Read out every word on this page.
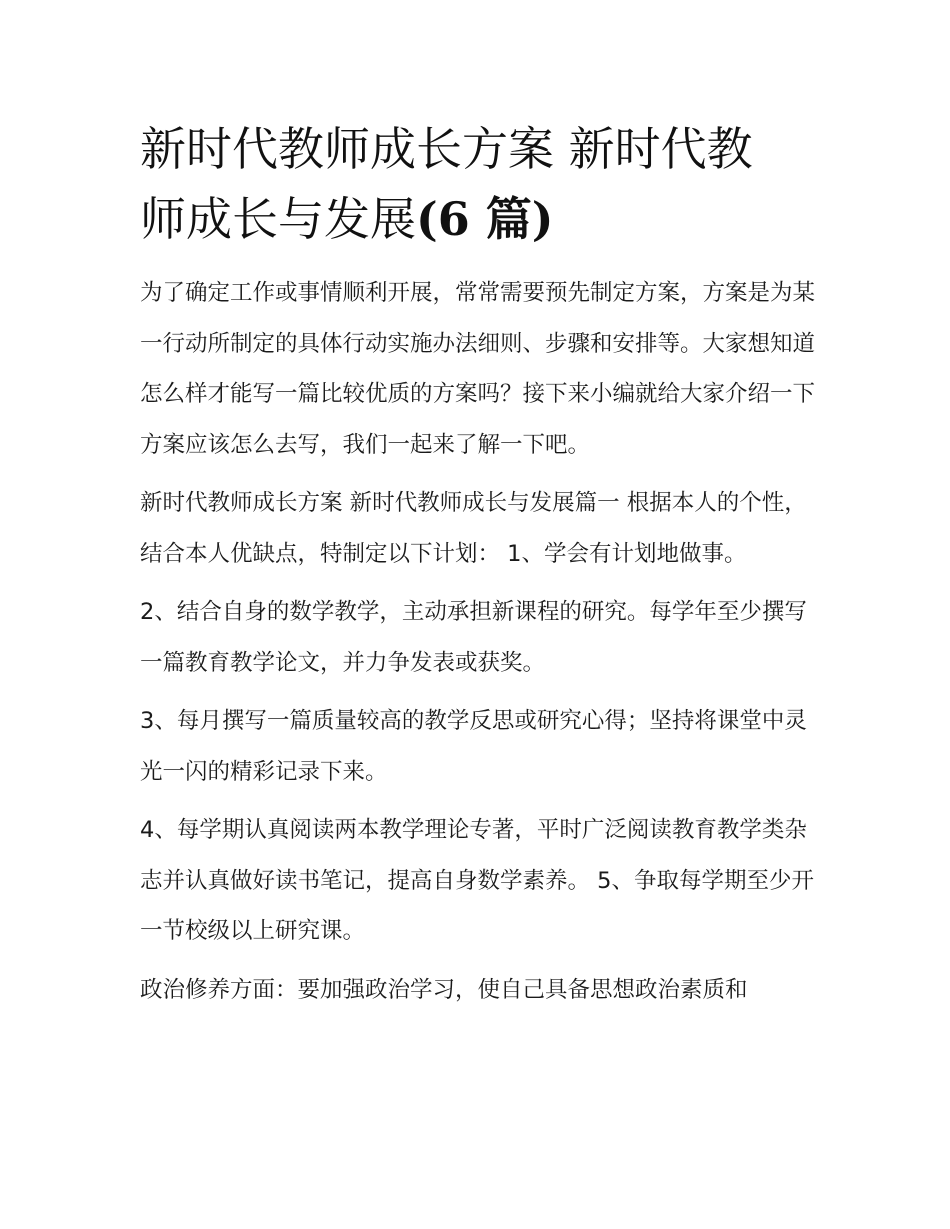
新时代教师成长方案 新时代教
师成长与发展(6 篇)

为了确定工作或事情顺利开展，常常需要预先制定方案，方案是为某一行动所制定的具体行动实施办法细则、步骤和安排等。大家想知道怎么样才能写一篇比较优质的方案吗？接下来小编就给大家介绍一下方案应该怎么去写，我们一起来了解一下吧。

新时代教师成长方案 新时代教师成长与发展篇一 根据本人的个性，结合本人优缺点，特制定以下计划： 1、学会有计划地做事。

2、结合自身的数学教学，主动承担新课程的研究。每学年至少撰写一篇教育教学论文，并力争发表或获奖。

3、每月撰写一篇质量较高的教学反思或研究心得；坚持将课堂中灵光一闪的精彩记录下来。

4、每学期认真阅读两本教学理论专著，平时广泛阅读教育教学类杂志并认真做好读书笔记，提高自身数学素养。 5、争取每学期至少开一节校级以上研究课。

政治修养方面：要加强政治学习，使自己具备思想政治素质和
